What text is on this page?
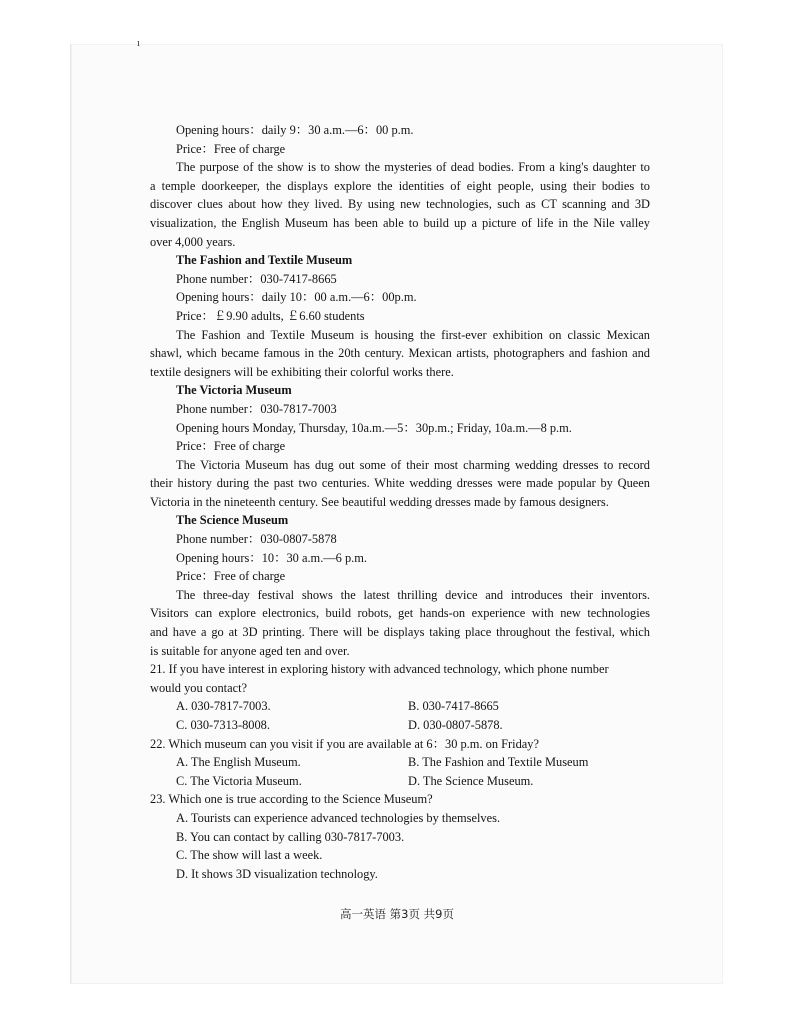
ı
Opening hours：daily 9：30 a.m.—6：00 p.m.
Price：Free of charge
The purpose of the show is to show the mysteries of dead bodies. From a king's daughter to
a temple doorkeeper, the displays explore the identities of eight people, using their bodies to
discover clues about how they lived. By using new technologies, such as CT scanning and 3D
visualization, the English Museum has been able to build up a picture of life in the Nile valley
over 4,000 years.
The Fashion and Textile Museum
Phone number：030-7417-8665
Opening hours：daily 10：00 a.m.—6：00p.m.
Price：￡9.90 adults, ￡6.60 students
The Fashion and Textile Museum is housing the first-ever exhibition on classic Mexican
shawl, which became famous in the 20th century. Mexican artists, photographers and fashion and
textile designers will be exhibiting their colorful works there.
The Victoria Museum
Phone number：030-7817-7003
Opening hours Monday, Thursday, 10a.m.—5：30p.m.; Friday, 10a.m.—8 p.m.
Price：Free of charge
The Victoria Museum has dug out some of their most charming wedding dresses to record
their history during the past two centuries. White wedding dresses were made popular by Queen
Victoria in the nineteenth century. See beautiful wedding dresses made by famous designers.
The Science Museum
Phone number：030-0807-5878
Opening hours：10：30 a.m.—6 p.m.
Price：Free of charge
The three-day festival shows the latest thrilling device and introduces their inventors.
Visitors can explore electronics, build robots, get hands-on experience with new technologies
and have a go at 3D printing. There will be displays taking place throughout the festival, which
is suitable for anyone aged ten and over.
21. If you have interest in exploring history with advanced technology, which phone number
would you contact?
A. 030-7817-7003.	B. 030-7417-8665
C. 030-7313-8008.	D. 030-0807-5878.
22. Which museum can you visit if you are available at 6：30 p.m. on Friday?
A. The English Museum.	B. The Fashion and Textile Museum
C. The Victoria Museum.	D. The Science Museum.
23. Which one is true according to the Science Museum?
A. Tourists can experience advanced technologies by themselves.
B. You can contact by calling 030-7817-7003.
C. The show will last a week.
D. It shows 3D visualization technology.
高一英语 第3页 共9页
